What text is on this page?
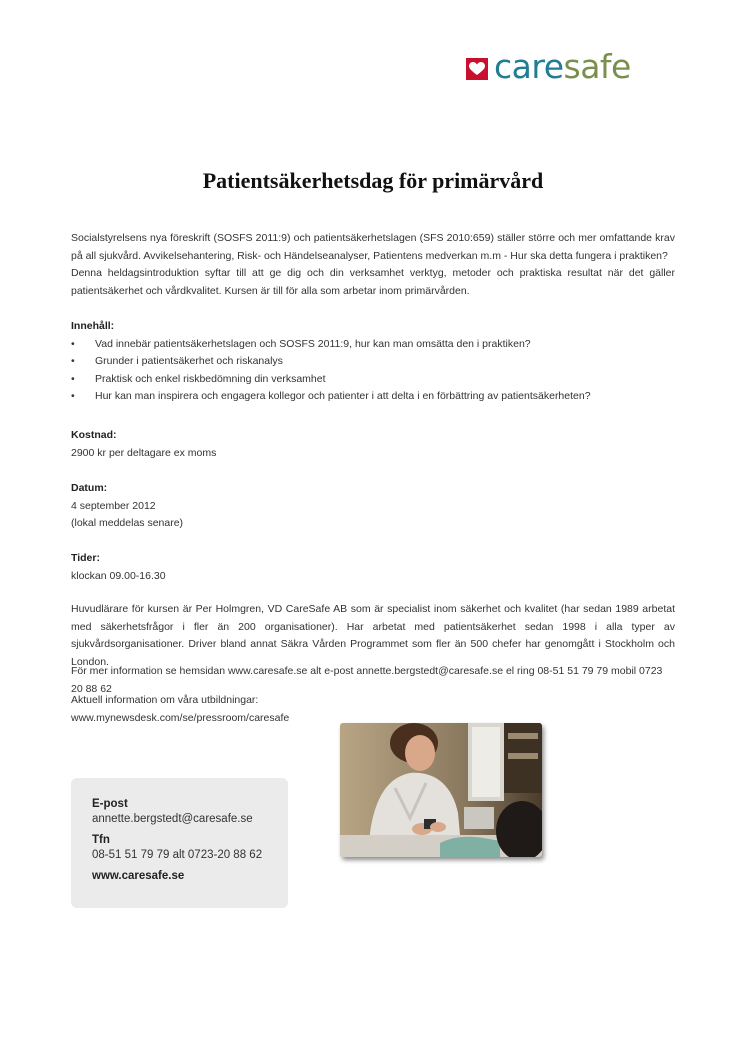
caresafe
Patientsäkerhetsdag för primärvård

Socialstyrelsens nya föreskrift (SOSFS 2011:9) och patientsäkerhetslagen (SFS 2010:659) ställer större och mer omfattande krav på all sjukvård. Avvikelsehantering, Risk- och Händelseanalyser, Patientens medverkan m.m - Hur ska detta fungera i praktiken?

Denna heldagsintroduktion syftar till att ge dig och din verksamhet verktyg, metoder och praktiska resultat när det gäller patientsäkerhet och vårdkvalitet. Kursen är till för alla som arbetar inom primärvården.

Innehåll:

• Vad innebär patientsäkerhetslagen och SOSFS 2011:9, hur kan man omsätta den i praktiken?
• Grunder i patientsäkerhet och riskanalys
• Praktisk och enkel riskbedömning din verksamhet
• Hur kan man inspirera och engagera kollegor och patienter i att delta i en förbättring av patientsäkerheten?

Kostnad:

2900 kr per deltagare ex moms

Datum:

4 september 2012

(lokal meddelas senare)

Tider:

klockan 09.00-16.30

Huvudlärare för kursen är Per Holmgren, VD CareSafe AB som är specialist inom säkerhet och kvalitet (har sedan 1989 arbetat med säkerhetsfrågor i fler än 200 organisationer). Har arbetat med patientsäkerhet sedan 1998 i alla typer av sjukvårdsorganisationer. Driver bland annat Säkra Vården Programmet som fler än 500 chefer har genomgått i Stockholm och London.

För mer information se hemsidan www.caresafe.se alt e-post annette.bergstedt@caresafe.se el ring 08-51 51 79 79 mobil 0723 20 88 62

Aktuell information om våra utbildningar:

www.mynewsdesk.com/se/pressroom/caresafe

E-post
annette.bergstedt@caresafe.se
Tfn
08-51 51 79 79 alt 0723-20 88 62
www.caresafe.se
